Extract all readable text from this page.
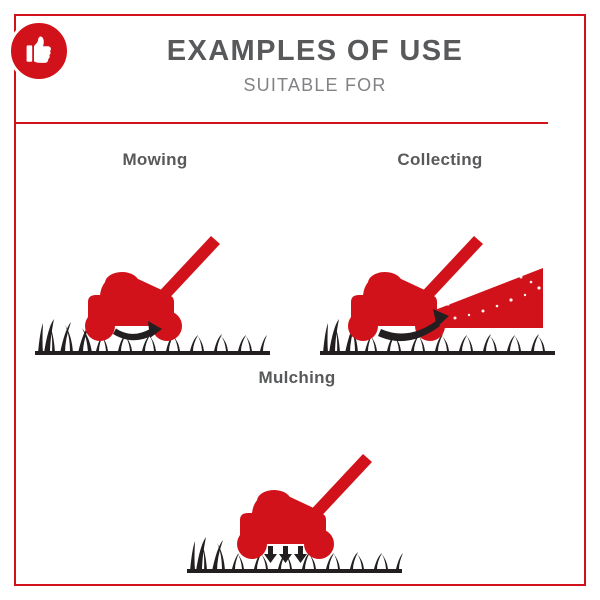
EXAMPLES OF USE

SUITABLE FOR

Mowing	Collecting

Mulching
